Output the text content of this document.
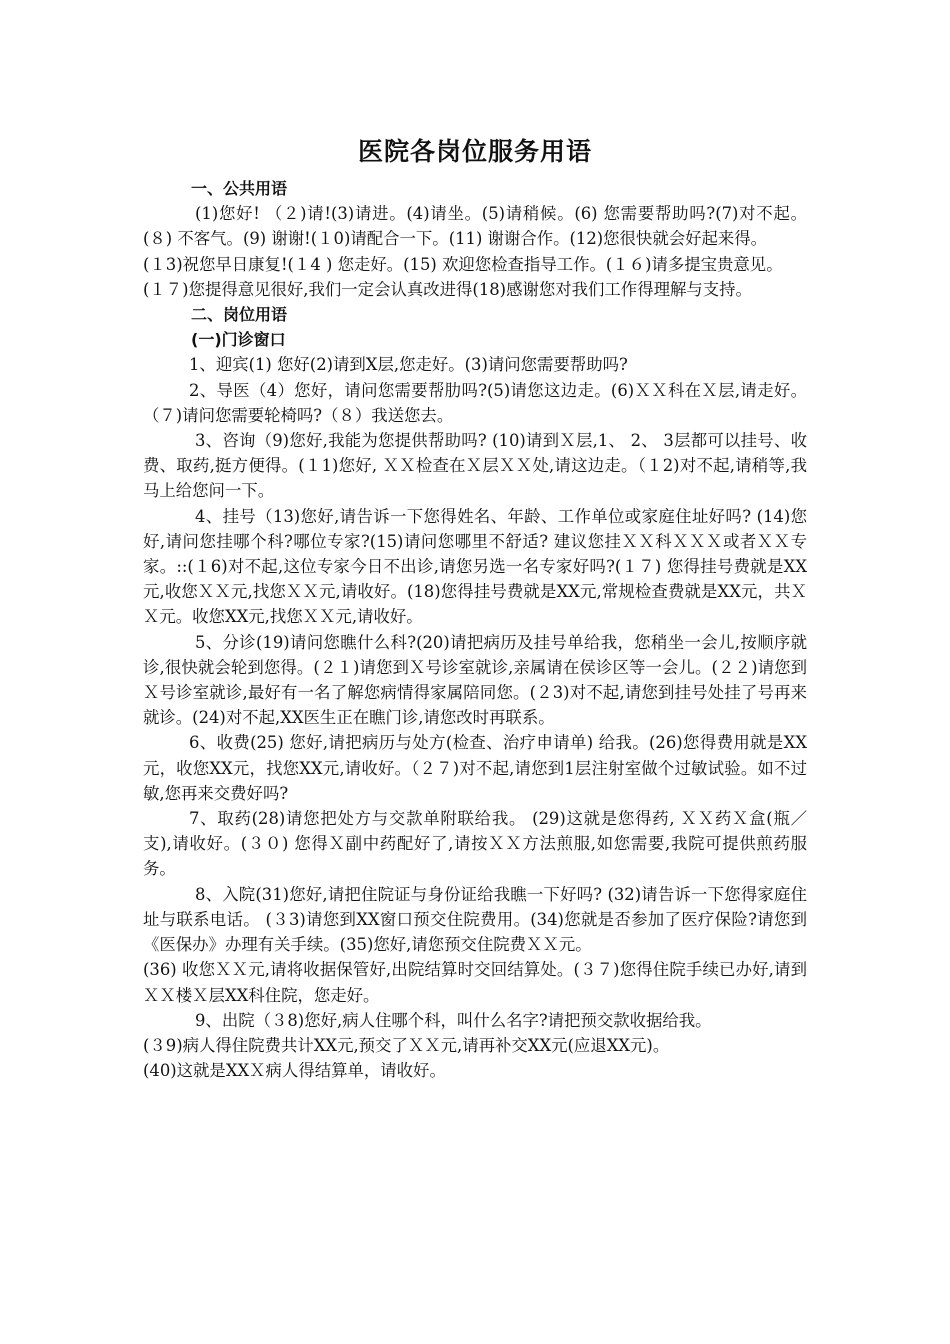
医院各岗位服务用语

一、公共用语

(1)您好! （２)请!(3)请进。(4)请坐。(5)请稍候。(6) 您需要帮助吗?(7)对不起。(８) 不客气。(9) 谢谢!(１0)请配合一下。(11) 谢谢合作。(12)您很快就会好起来得。

(１3)祝您早日康复!(１4 ) 您走好。(15) 欢迎您检查指导工作。(１６)请多提宝贵意见。

(１７)您提得意见很好,我们一定会认真改进得(18)感谢您对我们工作得理解与支持。

二、岗位用语

(一)门诊窗口

1、迎宾(1) 您好(2)请到X层,您走好。(3)请问您需要帮助吗?

2、导医（4）您好，请问您需要帮肋吗?(5)请您这边走。(6)ＸＸ科在Ｘ层,请走好。（７)请问您需要轮椅吗?（８）我送您去。

3、咨询（9)您好,我能为您提供帮助吗? (10)请到Ｘ层,1、 2、 3层都可以挂号、收费、取药,挺方便得。(１1)您好, ＸＸ检查在Ｘ层ＸＸ处,请这边走。（１2)对不起,请稍等,我马上给您问一下。

4、挂号（13)您好,请告诉一下您得姓名、年龄、工作单位或家庭住址好吗? (14)您好,请问您挂哪个科?哪位专家?(15)请问您哪里不舒适? 建议您挂ＸＸ科ＸＸＸ或者ＸＸ专家。::(１6)对不起,这位专家今日不出诊,请您另选一名专家好吗?(１７) 您得挂号费就是XX元,收您ＸＸ元,找您ＸＸ元,请收好。(18)您得挂号费就是XX元,常规检查费就是XX元，共ＸＸ元。收您XX元,找您ＸＸ元,请收好。

5、分诊(19)请问您瞧什么科?(20)请把病历及挂号单给我，您稍坐一会儿,按顺序就诊,很快就会轮到您得。(２１)请您到Ｘ号诊室就诊,亲属请在侯诊区等一会儿。(２２)请您到Ｘ号诊室就诊,最好有一名了解您病情得家属陪同您。(２3)对不起,请您到挂号处挂了号再来就诊。(24)对不起,XX医生正在瞧门诊,请您改时再联系。

6、收费(25) 您好,请把病历与处方(检查、治疗申请单) 给我。(26)您得费用就是XX元，收您XX元，找您XX元,请收好。（２７)对不起,请您到1层注射室做个过敏试验。如不过敏,您再来交费好吗?

7、取药(28)请您把处方与交款单附联给我。 (29)这就是您得药, ＸＸ药Ｘ盒(瓶／支),请收好。(３０) 您得Ｘ副中药配好了,请按ＸＸ方法煎服,如您需要,我院可提供煎药服务。

8、入院(31)您好,请把住院证与身份证给我瞧一下好吗? (32)请告诉一下您得家庭住址与联系电话。 (３3)请您到XX窗口预交住院费用。(34)您就是否参加了医疗保险?请您到《医保办》办理有关手续。(35)您好,请您预交住院费ＸＸ元。

(36) 收您ＸＸ元,请将收据保管好,出院结算时交回结算处。(３７)您得住院手续已办好,请到ＸＸ楼Ｘ层XX科住院，您走好。

9、出院（３8)您好,病人住哪个科，叫什么名字?请把预交款收据给我。

(３9)病人得住院费共计XX元,预交了ＸＸ元,请再补交XX元(应退XX元)。

(40)这就是XXＸ病人得结算单，请收好。
